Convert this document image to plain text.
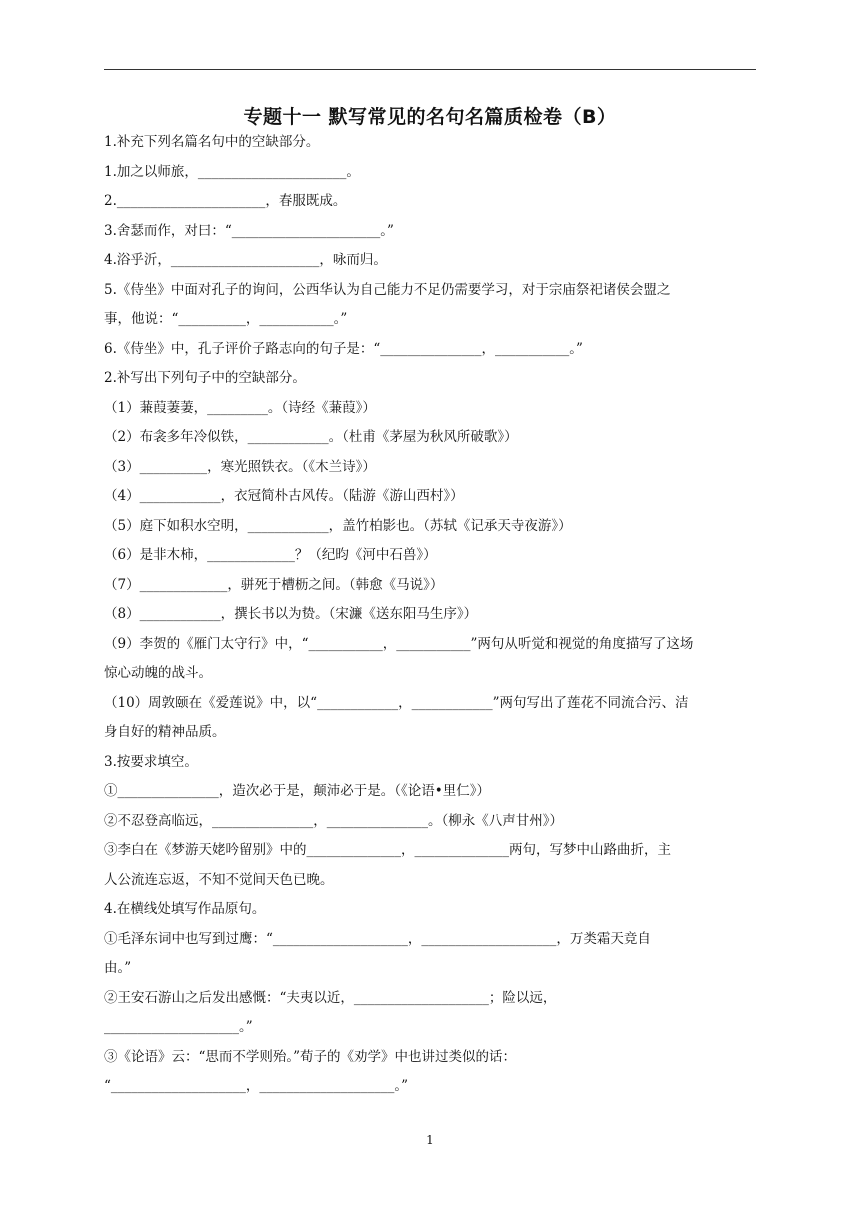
专题十一 默写常见的名句名篇质检卷（B）
1.补充下列名篇名句中的空缺部分。
1.加之以师旅，______________________。
2.______________________，春服既成。
3.舍瑟而作，对曰：“______________________。”
4.浴乎沂，______________________，咏而归。
5.《侍坐》中面对孔子的询问，公西华认为自己能力不足仍需要学习，对于宗庙祭祀诸侯会盟之
事，他说：“__________，___________。”
6.《侍坐》中，孔子评价子路志向的句子是：“_______________，___________。”
2.补写出下列句子中的空缺部分。
（1）蒹葭萋萋，_________。（诗经《蒹葭》）
（2）布衾多年冷似铁，____________。（杜甫《茅屋为秋风所破歌》）
（3）__________，寒光照铁衣。（《木兰诗》）
（4）____________，衣冠简朴古风传。（陆游《游山西村》）
（5）庭下如积水空明，____________，盖竹柏影也。（苏轼《记承天寺夜游》）
（6）是非木柿，_____________？（纪昀《河中石兽》）
（7）_____________，骈死于槽枥之间。（韩愈《马说》）
（8）____________，撰长书以为贽。（宋濂《送东阳马生序》）
（9）李贺的《雁门太守行》中，“___________，___________”两句从听觉和视觉的角度描写了这场
惊心动魄的战斗。
（10）周敦颐在《爱莲说》中，以“____________，____________”两句写出了莲花不同流合污、洁
身自好的精神品质。
3.按要求填空。
①_______________，造次必于是，颠沛必于是。（《论语•里仁》）
②不忍登高临远，_______________，_______________。（柳永《八声甘州》）
③李白在《梦游天姥吟留别》中的______________，______________两句，写梦中山路曲折，主
人公流连忘返，不知不觉间天色已晚。
4.在横线处填写作品原句。
①毛泽东词中也写到过鹰：“____________________，____________________，万类霜天竞自
由。”
②王安石游山之后发出感慨：“夫夷以近，____________________；险以远，
____________________。”
③《论语》云：“思而不学则殆。”荀子的《劝学》中也讲过类似的话：
“____________________，____________________。”
1
